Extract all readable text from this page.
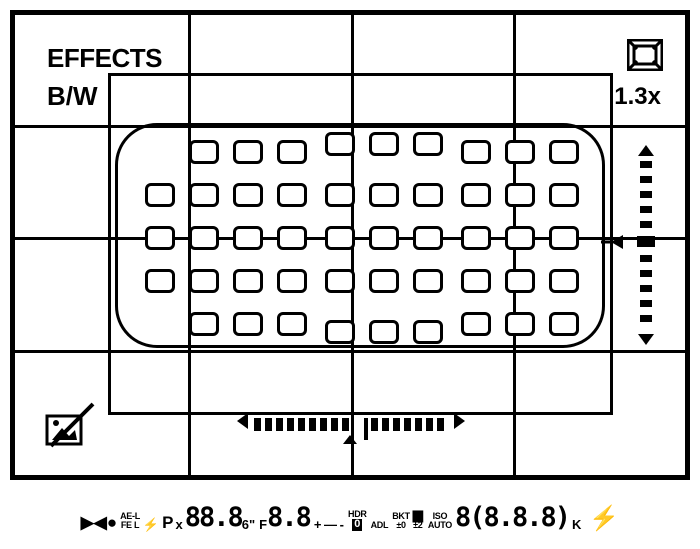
EFFECTS
B/W	1.3x
▶◀● AE-L
FE L ⚡ P x 88.8 6" F 8.8 + — -
HDR
0 ADL
BKT
±0
▆
±2
ISO
AUTO 8(8.8.8) K ⚡
